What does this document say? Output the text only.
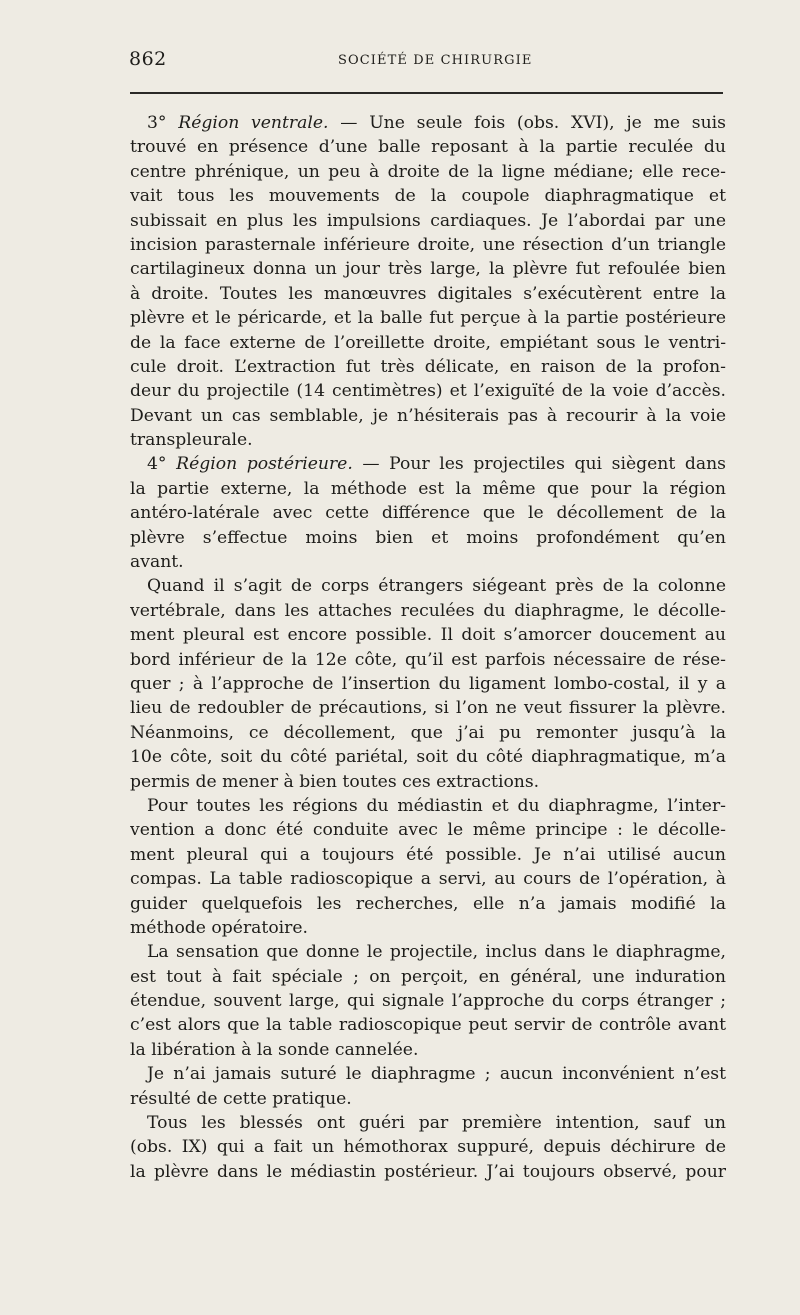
862	SOCIÉTÉ DE CHIRURGIE
3° Région ventrale. — Une seule fois (obs. XVI), je me suis
trouvé en présence d’une balle reposant à la partie reculée du
centre phrénique, un peu à droite de la ligne médiane; elle rece-
vait tous les mouvements de la coupole diaphragmatique et
subissait en plus les impulsions cardiaques. Je l’abordai par une
incision parasternale inférieure droite, une résection d’un triangle
cartilagineux donna un jour très large, la plèvre fut refoulée bien
à droite. Toutes les manœuvres digitales s’exécutèrent entre la
plèvre et le péricarde, et la balle fut perçue à la partie postérieure
de la face externe de l’oreillette droite, empiétant sous le ventri-
cule droit. L’extraction fut très délicate, en raison de la profon-
deur du projectile (14 centimètres) et l’exiguïté de la voie d’accès.
Devant un cas semblable, je n’hésiterais pas à recourir à la voie
transpleurale.
4° Région postérieure. — Pour les projectiles qui siègent dans
la partie externe, la méthode est la même que pour la région
antéro-latérale avec cette différence que le décollement de la
plèvre s’effectue moins bien et moins profondément qu’en
avant.
Quand il s’agit de corps étrangers siégeant près de la colonne
vertébrale, dans les attaches reculées du diaphragme, le décolle-
ment pleural est encore possible. Il doit s’amorcer doucement au
bord inférieur de la 12e côte, qu’il est parfois nécessaire de rése-
quer ; à l’approche de l’insertion du ligament lombo-costal, il y a
lieu de redoubler de précautions, si l’on ne veut fissurer la plèvre.
Néanmoins, ce décollement, que j’ai pu remonter jusqu’à la
10e côte, soit du côté pariétal, soit du côté diaphragmatique, m’a
permis de mener à bien toutes ces extractions.
Pour toutes les régions du médiastin et du diaphragme, l’inter-
vention a donc été conduite avec le même principe : le décolle-
ment pleural qui a toujours été possible. Je n’ai utilisé aucun
compas. La table radioscopique a servi, au cours de l’opération, à
guider quelquefois les recherches, elle n’a jamais modifié la
méthode opératoire.
La sensation que donne le projectile, inclus dans le diaphragme,
est tout à fait spéciale ; on perçoit, en général, une induration
étendue, souvent large, qui signale l’approche du corps étranger ;
c’est alors que la table radioscopique peut servir de contrôle avant
la libération à la sonde cannelée.
Je n’ai jamais suturé le diaphragme ; aucun inconvénient n’est
résulté de cette pratique.
Tous les blessés ont guéri par première intention, sauf un
(obs. IX) qui a fait un hémothorax suppuré, depuis déchirure de
la plèvre dans le médiastin postérieur. J’ai toujours observé, pour
